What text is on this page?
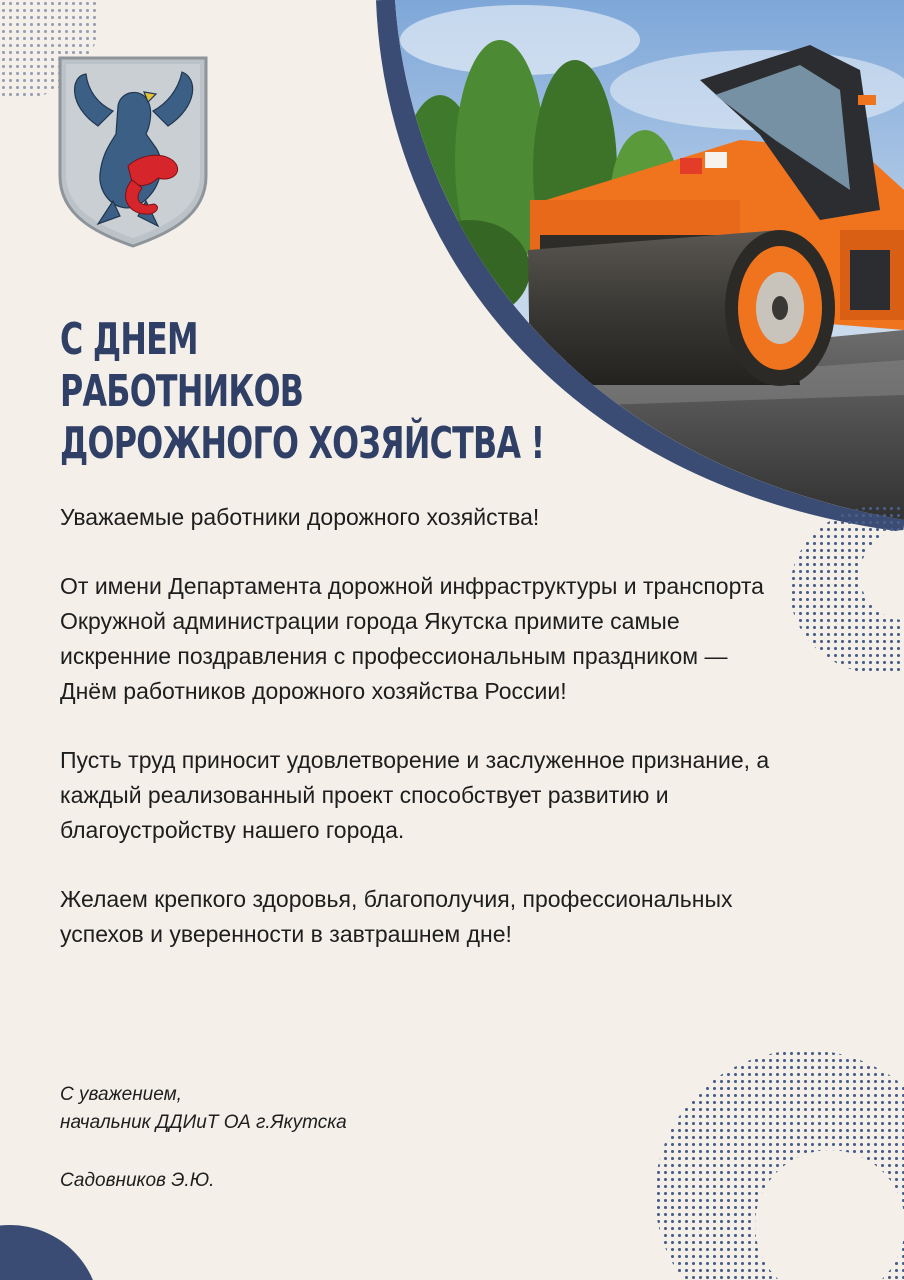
С ДНЕМ
РАБОТНИКОВ
ДОРОЖНОГО ХОЗЯЙСТВА !

Уважаемые работники дорожного хозяйства!

От имени Департамента дорожной инфраструктуры и транспорта Окружной администрации города Якутска примите самые искренние поздравления с профессиональным праздником — Днём работников дорожного хозяйства России!

Пусть труд приносит удовлетворение и заслуженное признание, а каждый реализованный проект способствует развитию и благоустройству нашего города.

Желаем крепкого здоровья, благополучия, профессиональных успехов и уверенности в завтрашнем дне!

С уважением,

начальник ДДИиТ ОА г.Якутска

Садовников Э.Ю.
